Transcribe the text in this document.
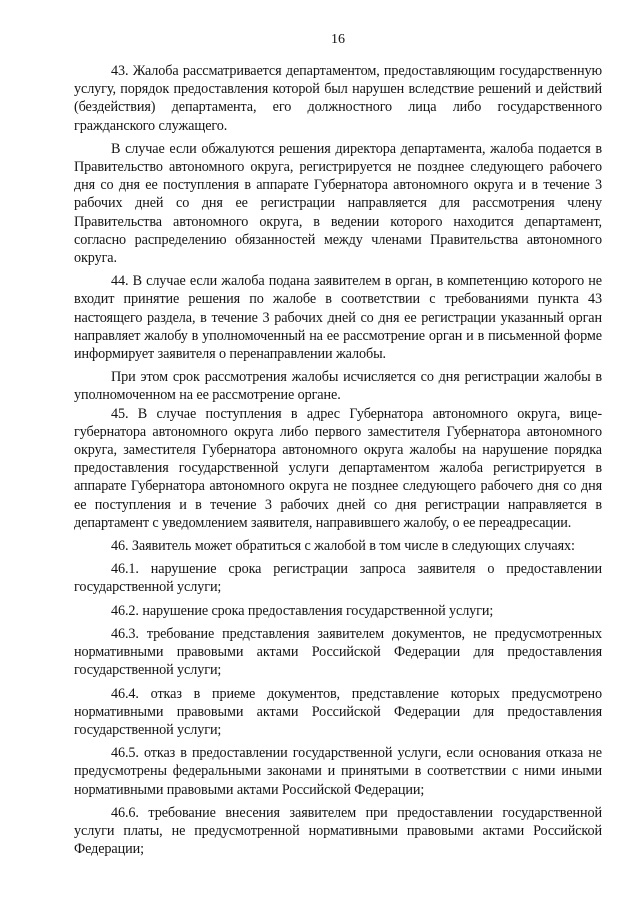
16

43. Жалоба рассматривается департаментом, предоставляющим государственную услугу, порядок предоставления которой был нарушен вследствие решений и действий (бездействия) департамента, его должностного лица либо государственного гражданского служащего.

В случае если обжалуются решения директора департамента, жалоба подается в Правительство автономного округа, регистрируется не позднее следующего рабочего дня со дня ее поступления в аппарате Губернатора автономного округа и в течение 3 рабочих дней со дня ее регистрации направляется для рассмотрения члену Правительства автономного округа, в ведении которого находится департамент, согласно распределению обязанностей между членами Правительства автономного округа.

44. В случае если жалоба подана заявителем в орган, в компетенцию которого не входит принятие решения по жалобе в соответствии с требованиями пункта 43 настоящего раздела, в течение 3 рабочих дней со дня ее регистрации указанный орган направляет жалобу в уполномоченный на ее рассмотрение орган и в письменной форме информирует заявителя о перенаправлении жалобы.

При этом срок рассмотрения жалобы исчисляется со дня регистрации жалобы в уполномоченном на ее рассмотрение органе.

45. В случае поступления в адрес Губернатора автономного округа, вице-губернатора автономного округа либо первого заместителя Губернатора автономного округа, заместителя Губернатора автономного округа жалобы на нарушение порядка предоставления государственной услуги департаментом жалоба регистрируется в аппарате Губернатора автономного округа не позднее следующего рабочего дня со дня ее поступления и в течение 3 рабочих дней со дня регистрации направляется в департамент с уведомлением заявителя, направившего жалобу, о ее переадресации.

46. Заявитель может обратиться с жалобой в том числе в следующих случаях:

46.1. нарушение срока регистрации запроса заявителя о предоставлении государственной услуги;

46.2. нарушение срока предоставления государственной услуги;

46.3. требование представления заявителем документов, не предусмотренных нормативными правовыми актами Российской Федерации для предоставления государственной услуги;

46.4. отказ в приеме документов, представление которых предусмотрено нормативными правовыми актами Российской Федерации для предоставления государственной услуги;

46.5. отказ в предоставлении государственной услуги, если основания отказа не предусмотрены федеральными законами и принятыми в соответствии с ними иными нормативными правовыми актами Российской Федерации;

46.6. требование внесения заявителем при предоставлении государственной услуги платы, не предусмотренной нормативными правовыми актами Российской Федерации;
